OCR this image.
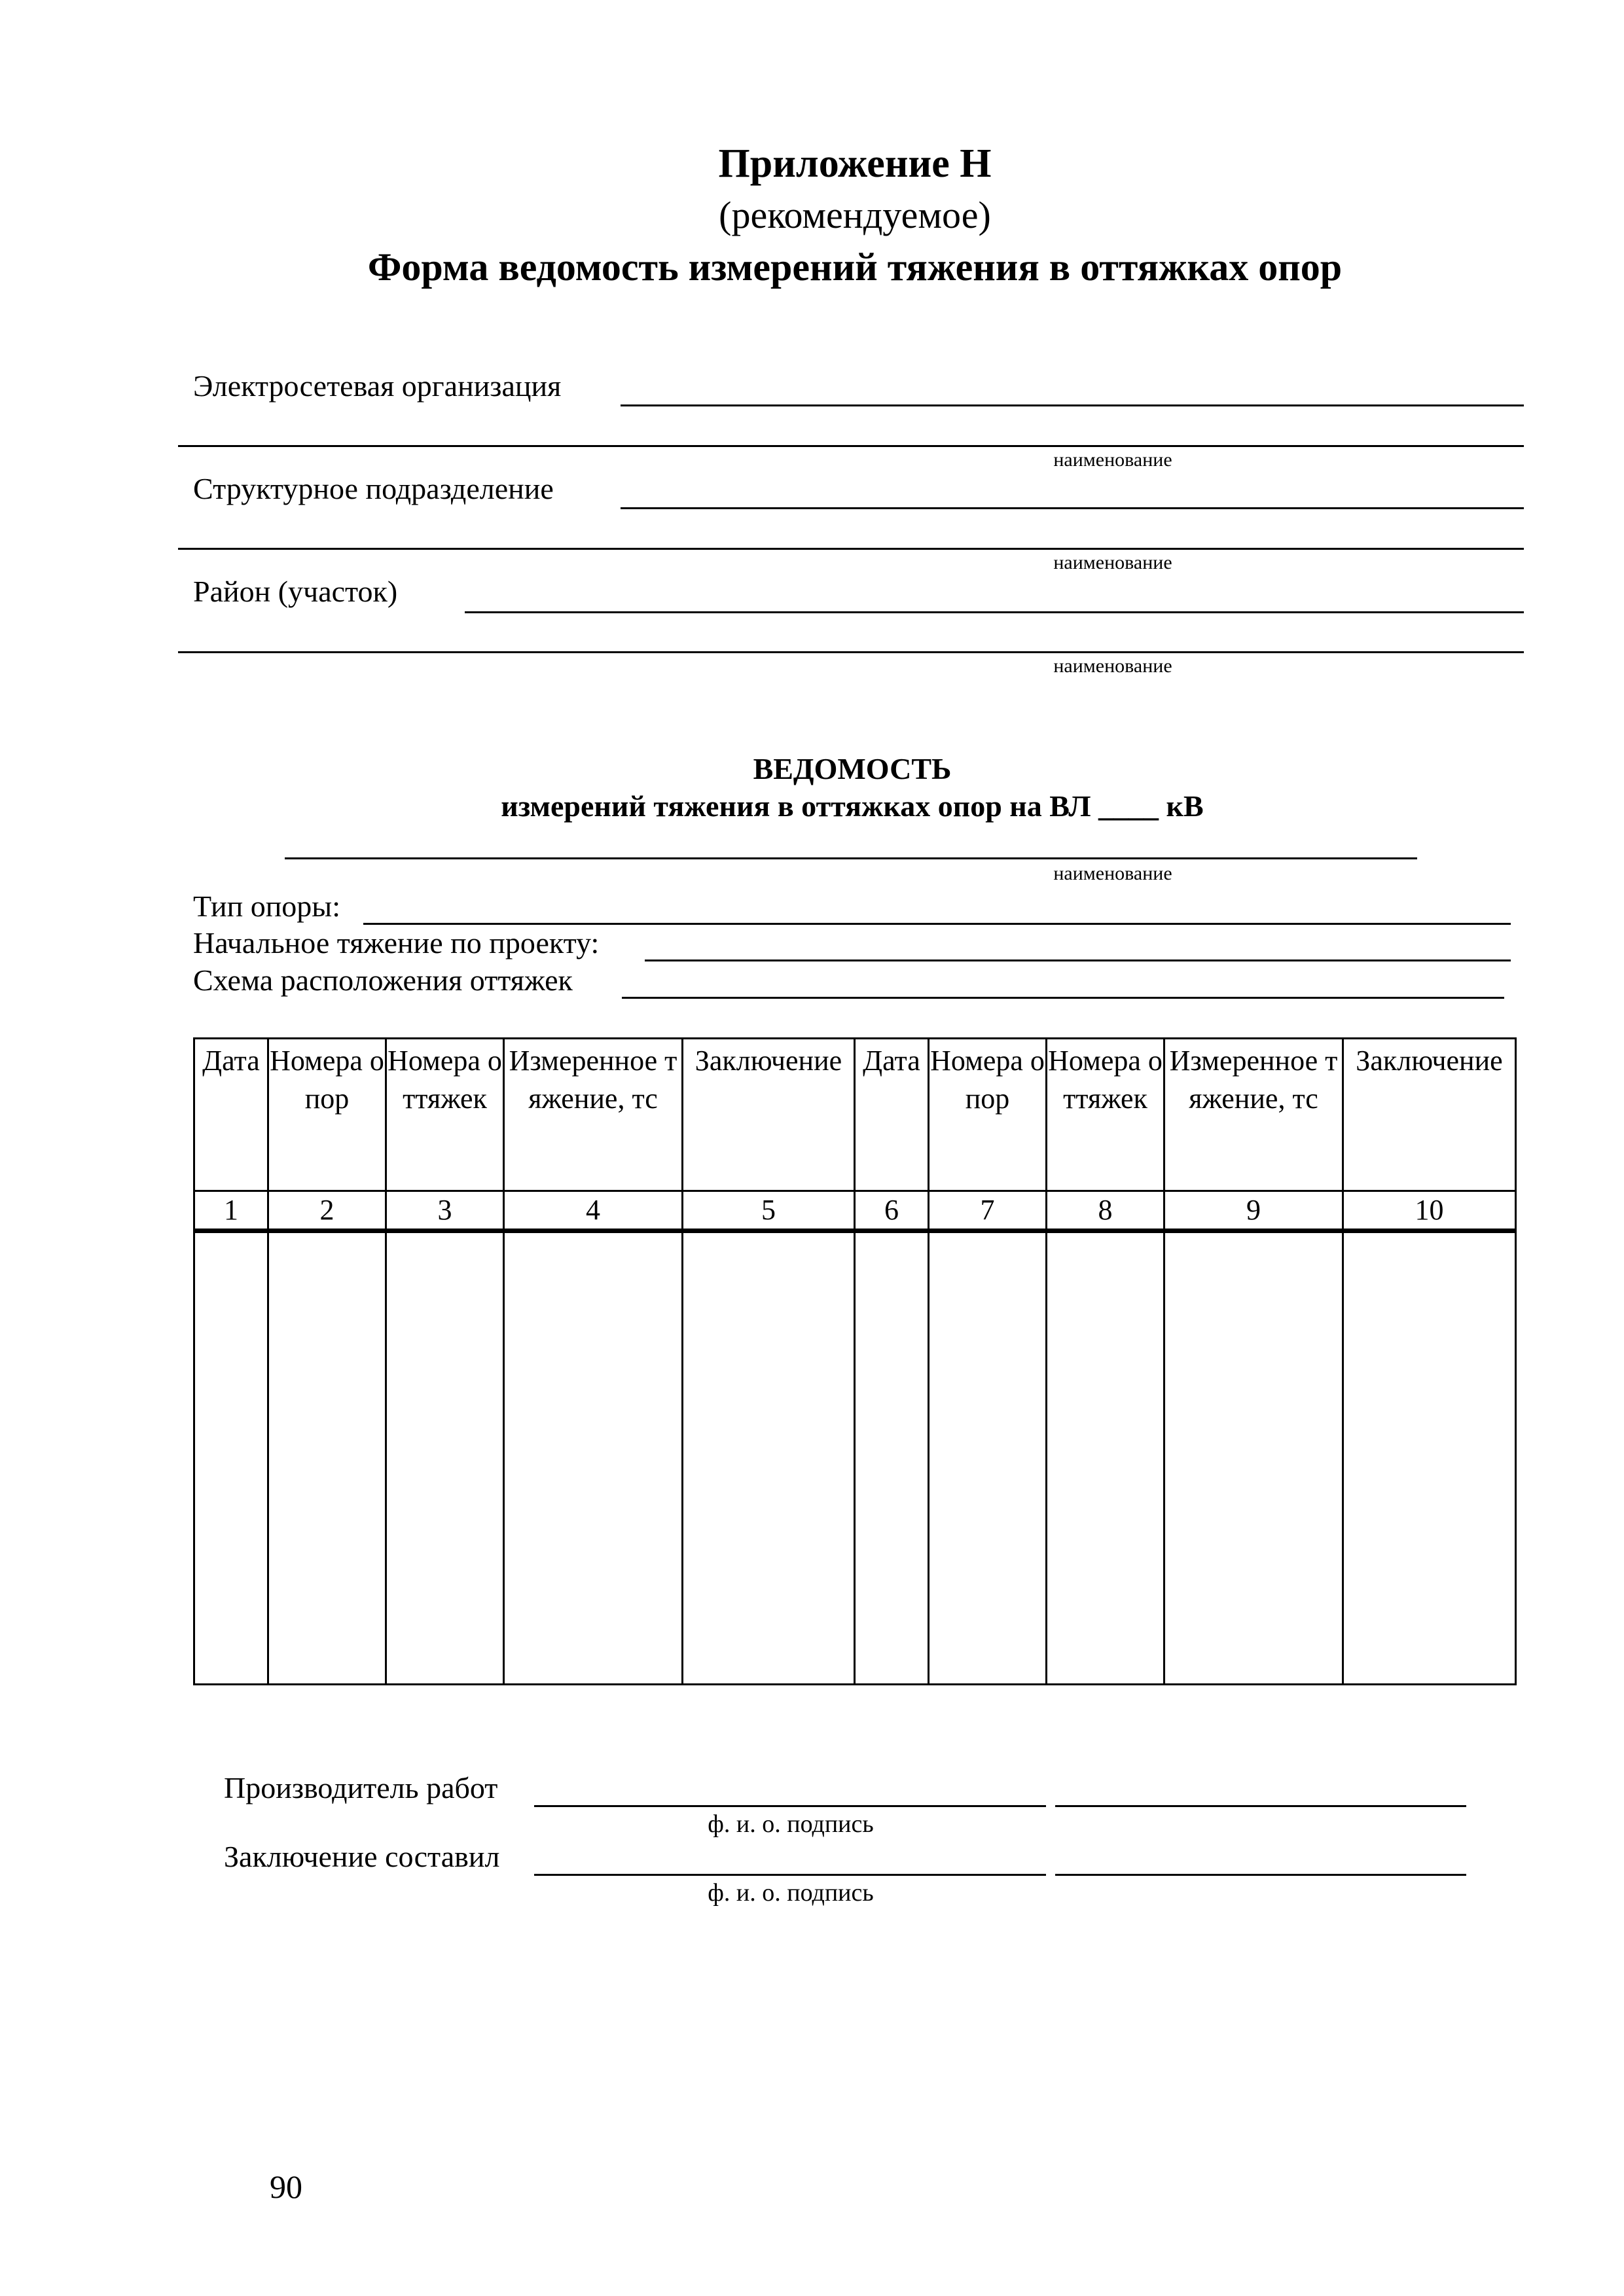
Приложение Н
(рекомендуемое)
Форма ведомость измерений тяжения в оттяжках опор
Электросетевая организация
наименование
Структурное подразделение
наименование
Район (участок)
наименование
ВЕДОМОСТЬ
измерений тяжения в оттяжках опор на ВЛ ____ кВ
наименование
Тип опоры:
Начальное тяжение по проекту:
Схема расположения оттяжек
Дата	Номера опор	Номера оттяжек	Измеренное тяжение, тс	Заключение	Дата	Номера опор	Номера оттяжек	Измеренное тяжение, тс	Заключение
1	2	3	4	5	6	7	8	9	10

Производитель работ
ф. и. о. подпись
Заключение составил
ф. и. о. подпись
90
